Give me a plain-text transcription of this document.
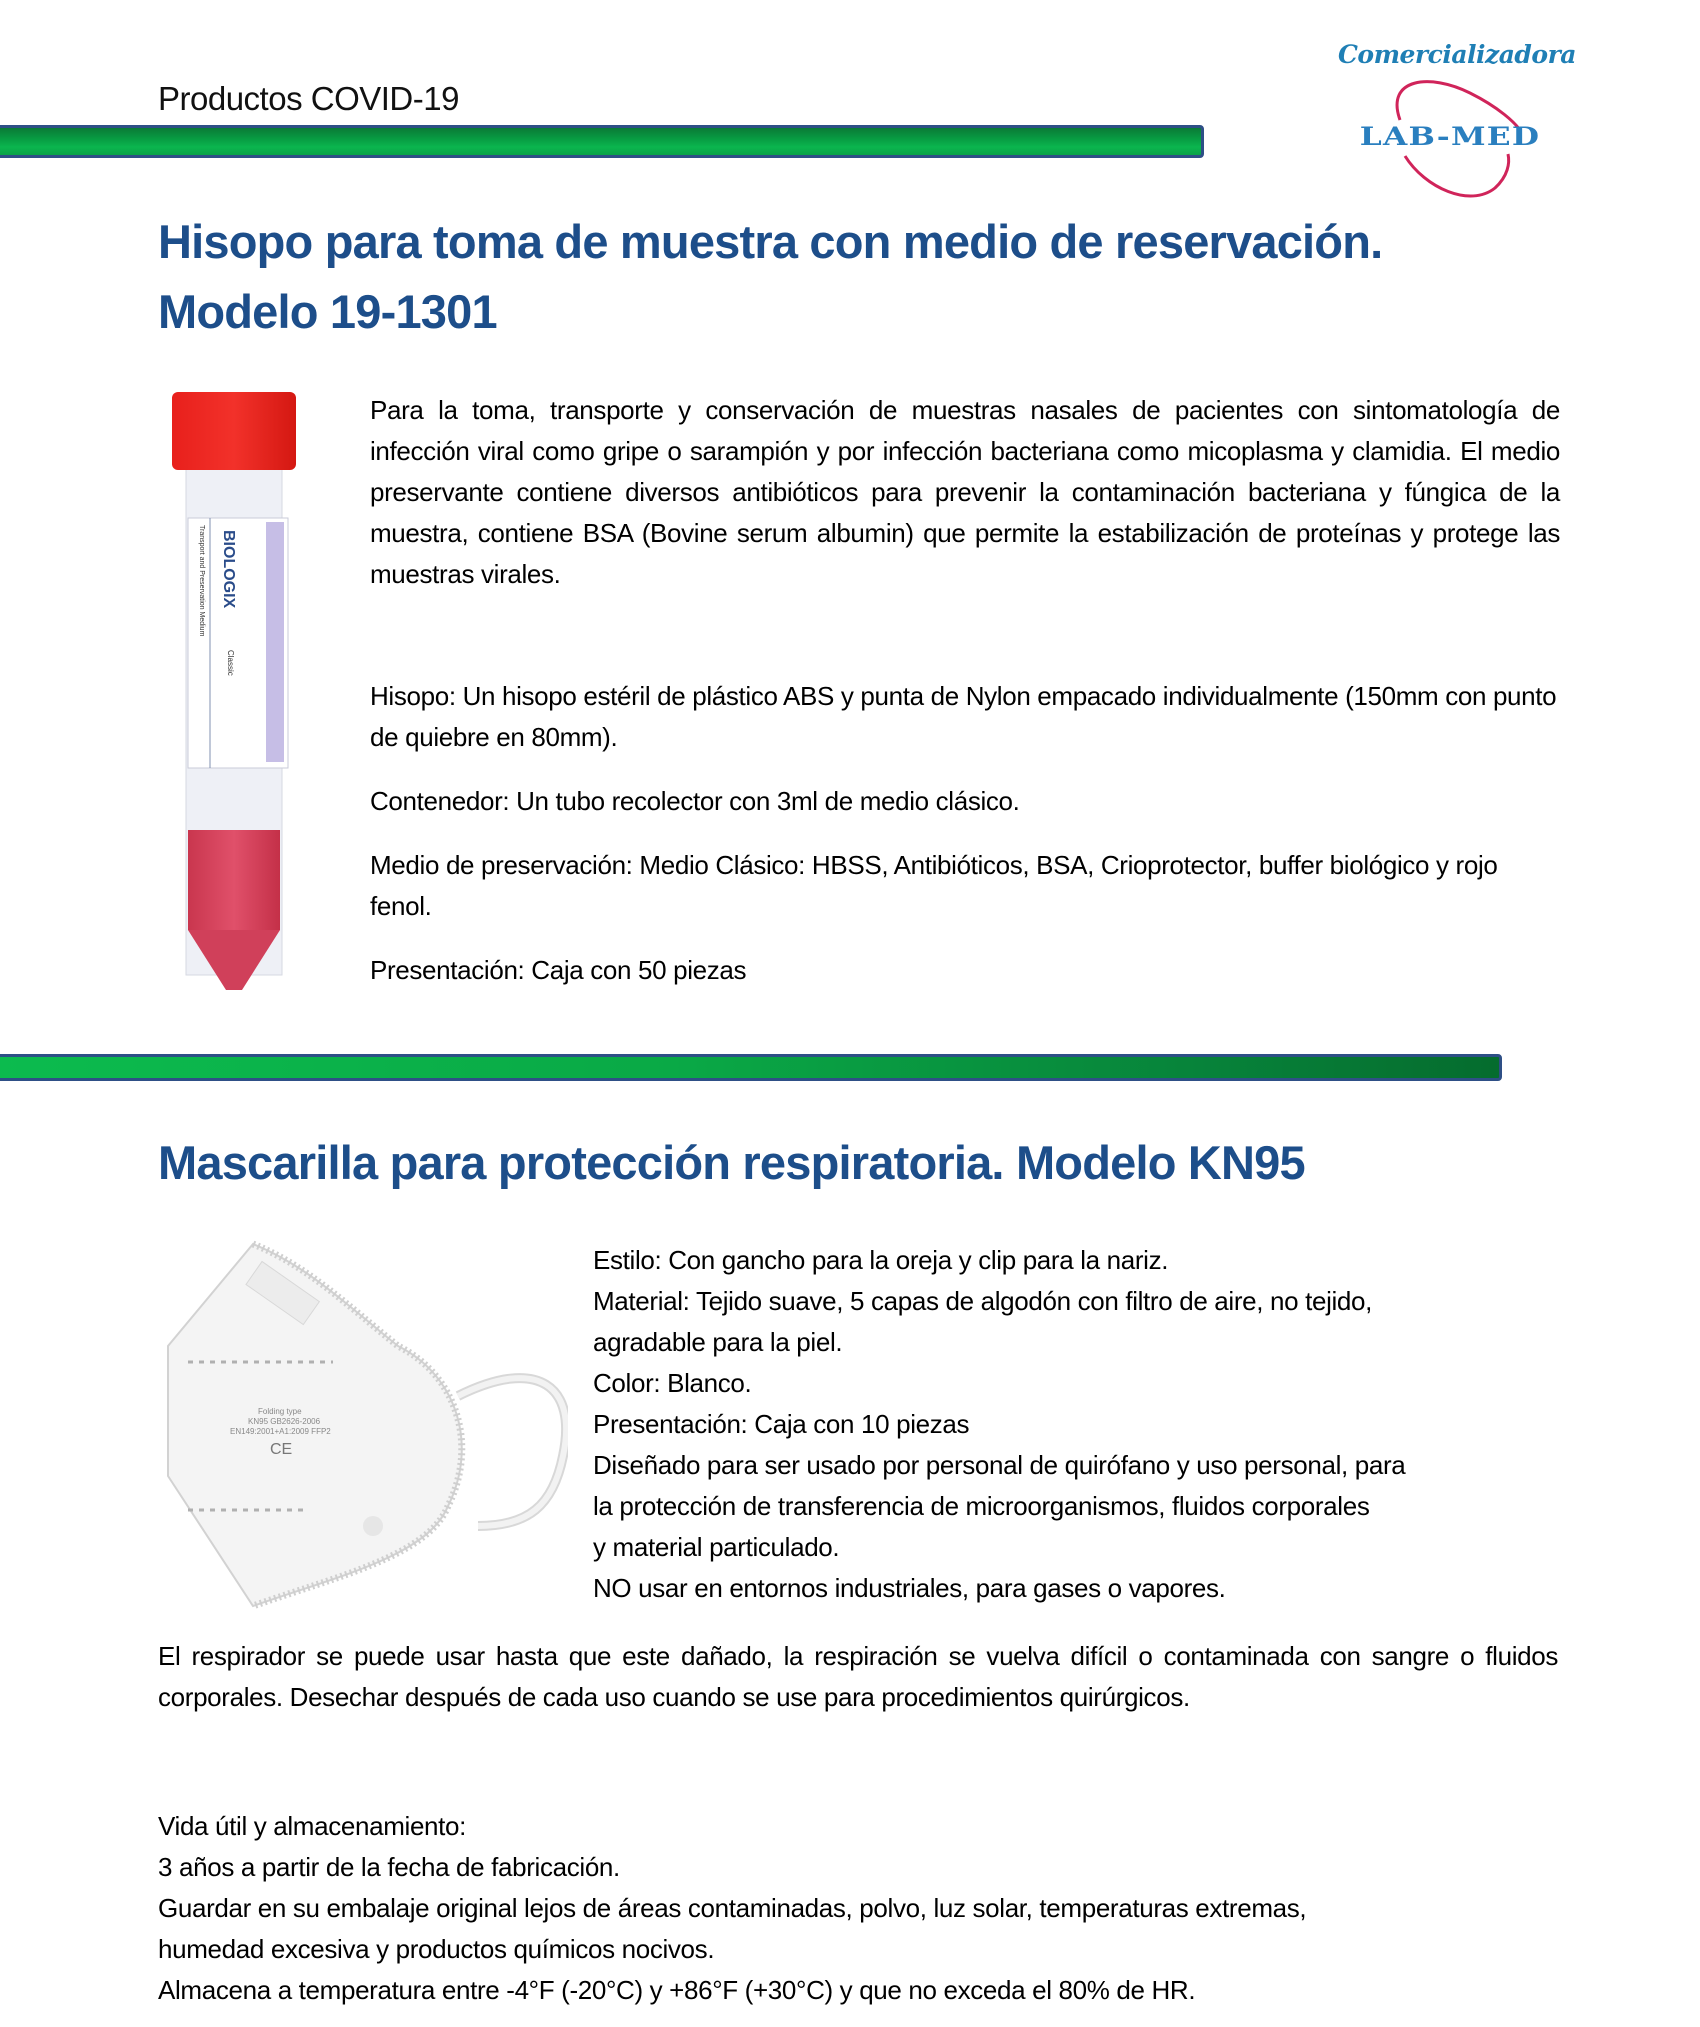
Productos COVID-19
Comercializadora
LAB-MED
Hisopo para toma de muestra con medio de reservación.
Modelo 19-1301
BIOLOGIX
Classic
Transport and Preservation Medium
Para la toma, transporte y conservación de muestras nasales de pacientes con sintomatología de infección viral como gripe o sarampión y por infección bacteriana como micoplasma y clamidia. El medio preservante contiene diversos antibióticos para prevenir la contaminación bacteriana y fúngica de la muestra, contiene BSA (Bovine serum albumin) que permite la estabilización de proteínas y protege las muestras virales.
Hisopo: Un hisopo estéril de plástico ABS y punta de Nylon empacado individualmente (150mm con punto de quiebre en 80mm).
Contenedor: Un tubo recolector con 3ml de medio clásico.
Medio de preservación: Medio Clásico: HBSS, Antibióticos, BSA, Crioprotector, buffer biológico y rojo fenol.
Presentación: Caja con 50 piezas
Mascarilla para protección respiratoria. Modelo KN95
Folding type
KN95 GB2626-2006
EN149:2001+A1:2009 FFP2
CE
Estilo: Con gancho para la oreja y clip para la nariz.
Material: Tejido suave, 5 capas de algodón con filtro de aire, no tejido,
agradable para la piel.
Color: Blanco.
Presentación: Caja con 10 piezas
Diseñado para ser usado por personal de quirófano y uso personal, para
la protección de transferencia de microorganismos, fluidos corporales
y material particulado.
NO usar en entornos industriales, para gases o vapores.
El respirador se puede usar hasta que este dañado, la respiración se vuelva difícil o contaminada con sangre o fluidos corporales. Desechar después de cada uso cuando se use para procedimientos quirúrgicos.
Vida útil y almacenamiento:
3 años a partir de la fecha de fabricación.
Guardar en su embalaje original lejos de áreas contaminadas, polvo, luz solar, temperaturas extremas,
humedad excesiva y productos químicos nocivos.
Almacena a temperatura entre -4°F (-20°C) y +86°F (+30°C) y que no exceda el 80% de HR.
